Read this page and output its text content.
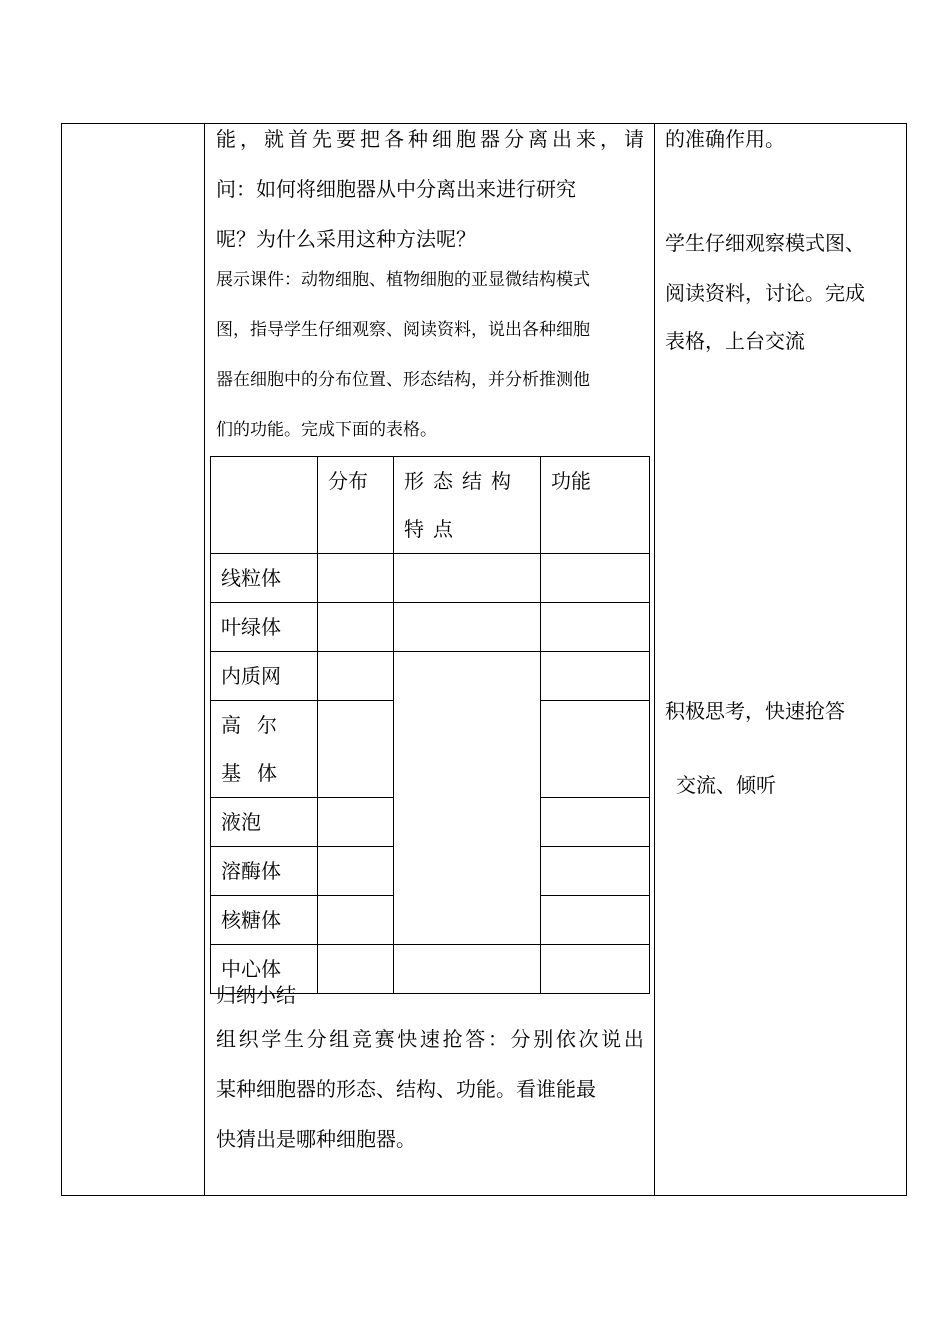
能 ， 就 首 先 要 把 各 种 细 胞 器 分 离 出 来 ， 请
问：如何将细胞器从中分离出来进行研究
呢？为什么采用这种方法呢？
展示课件：动物细胞、植物细胞的亚显微结构模式
图，指导学生仔细观察、阅读资料，说出各种细胞
器在细胞中的分布位置、形态结构，并分析推测他
们的功能。完成下面的表格。

	分布	形态结构特点	功能

线粒体			

叶绿体			

内质网			

高尔基体			

液泡			

溶酶体			

核糖体			

中心体			

归纳小结
组 织 学 生 分 组 竞 赛 快 速 抢 答 ： 分 别 依 次 说 出
某种细胞器的形态、结构、功能。看谁能最
快猜出是哪种细胞器。
的准确作用。
学生仔细观察模式图、
阅读资料，讨论。完成
表格，上台交流
积极思考，快速抢答
交流、倾听
